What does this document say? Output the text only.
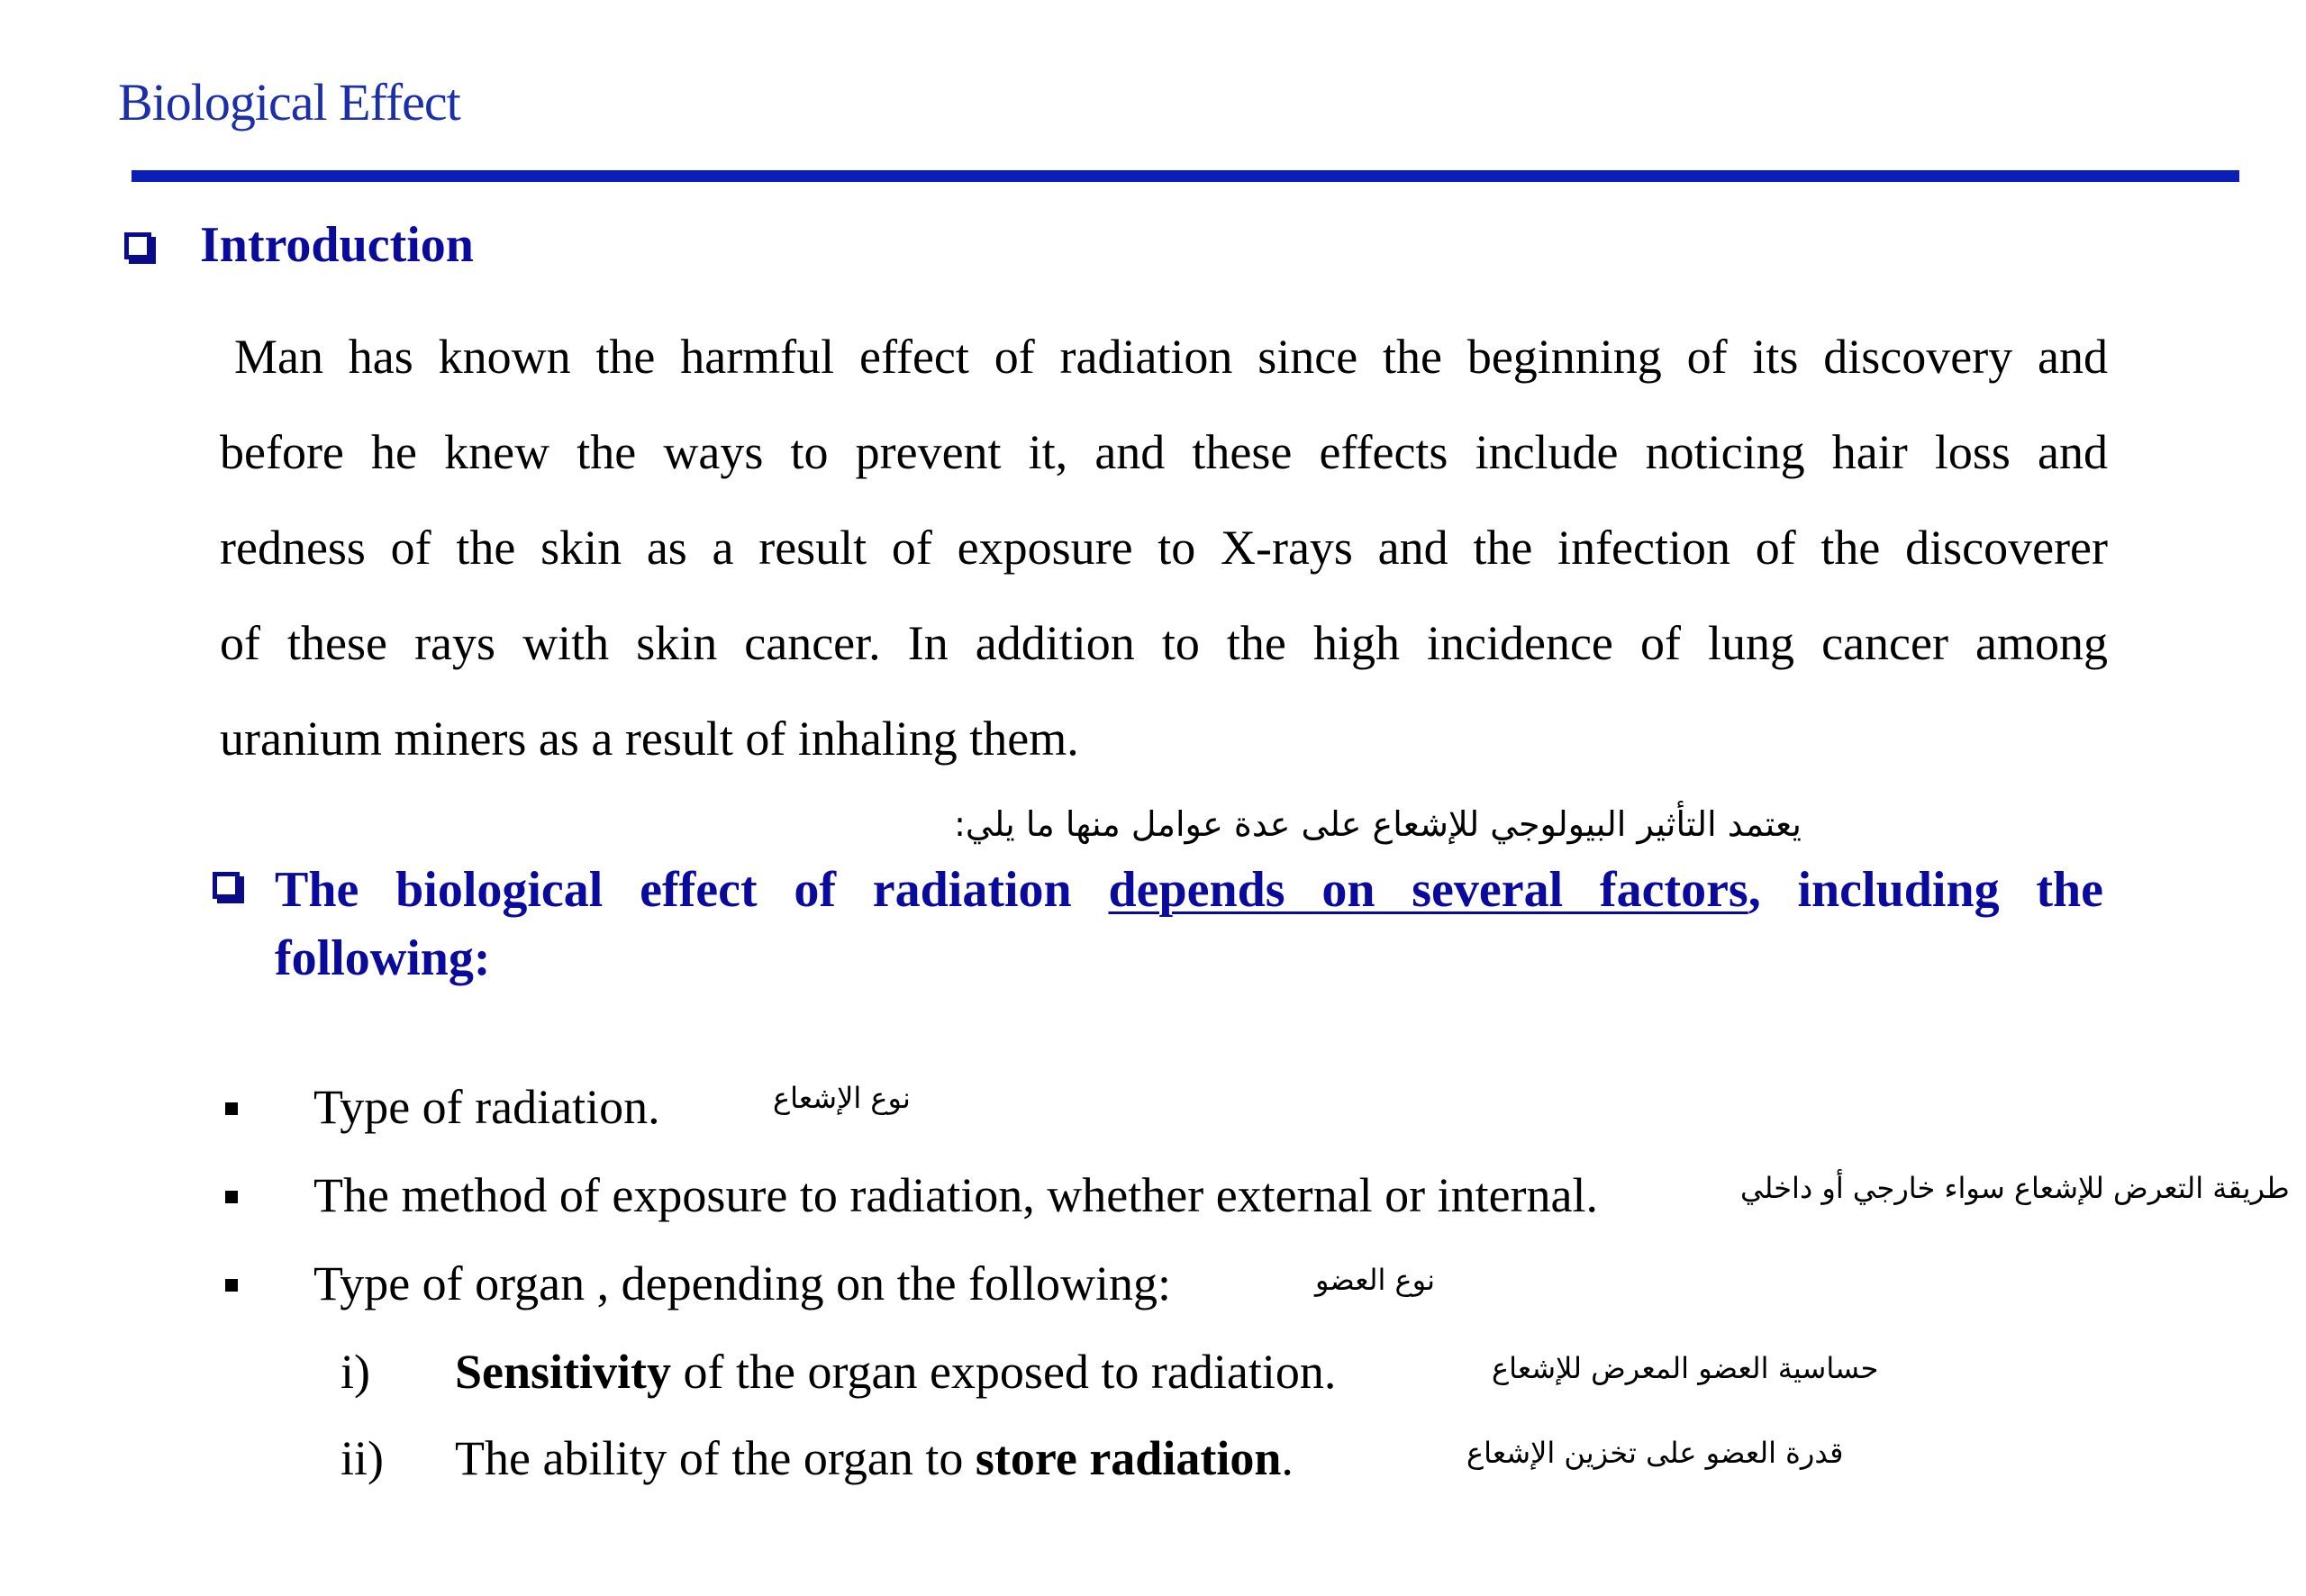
Biological Effect
Introduction
Man has known the harmful effect of radiation since the beginning of its discovery and
before he knew the ways to prevent it, and these effects include noticing hair loss and
redness of the skin as a result of exposure to X-rays and the infection of the discoverer
of these rays with skin cancer. In addition to the high incidence of lung cancer among
uranium miners as a result of inhaling them.
يعتمد التأثير البيولوجي للإشعاع على عدة عوامل منها ما يلي:
The biological effect of radiation depends on several factors, including the
following:
Type of radiation.	نوع الإشعاع
The method of exposure to radiation, whether external or internal.	طريقة التعرض للإشعاع سواء خارجي أو داخلي
Type of organ , depending on the following:	نوع العضو
i) Sensitivity of the organ exposed to radiation.	حساسية العضو المعرض للإشعاع
ii) The ability of the organ to store radiation.	قدرة العضو على تخزين الإشعاع
